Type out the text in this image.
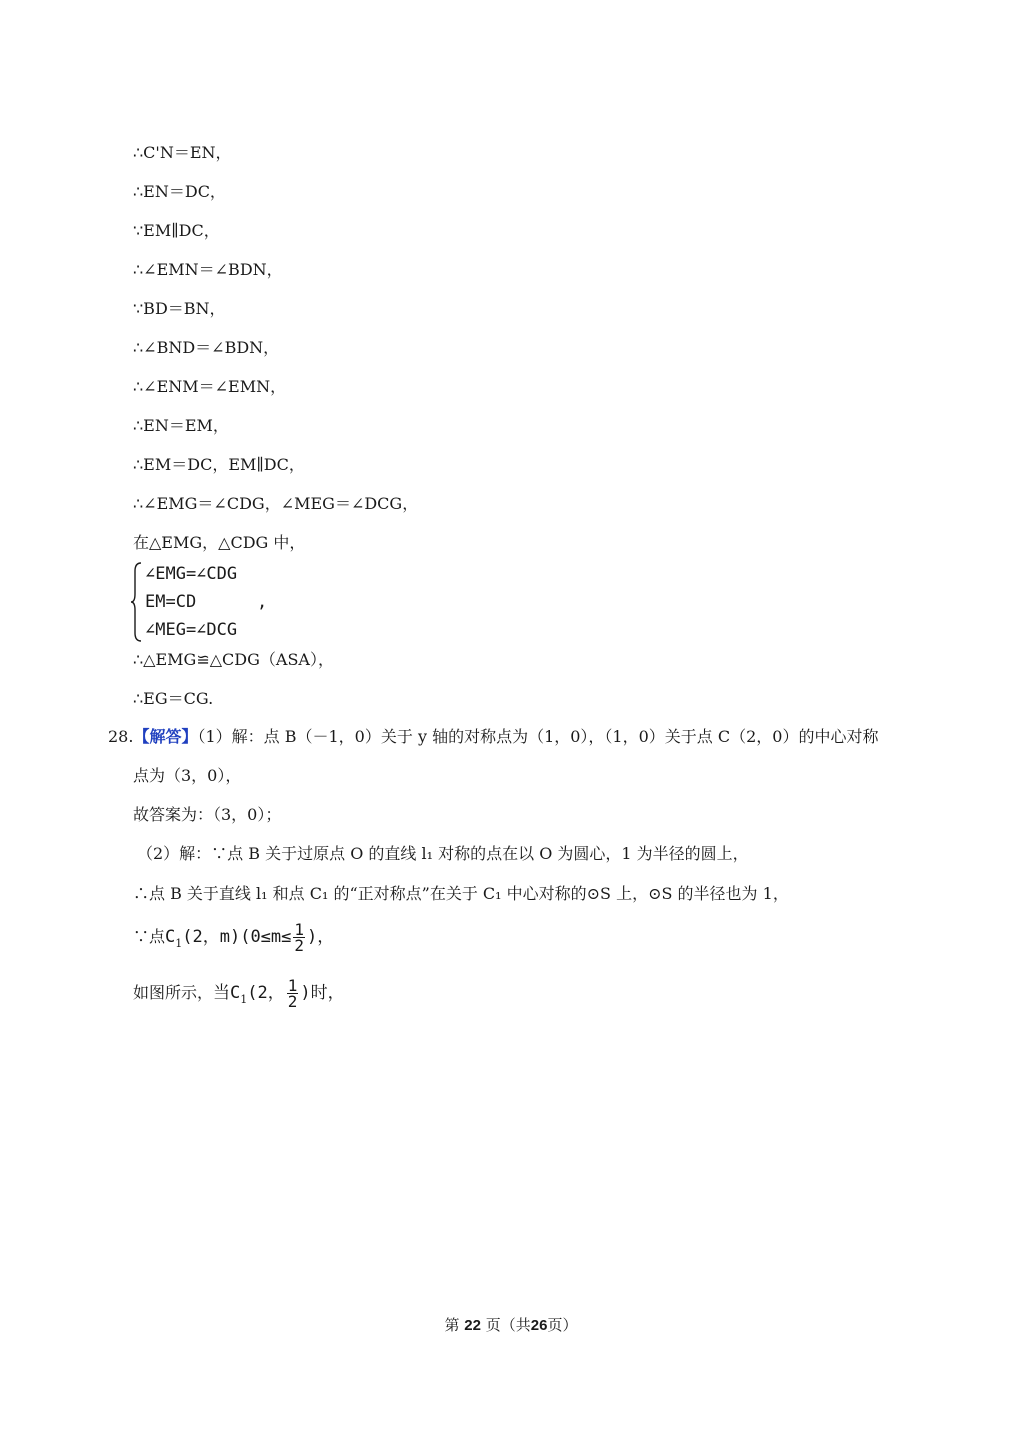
∴C'N＝EN，
∴EN＝DC，
∵EM∥DC，
∴∠EMN＝∠BDN，
∵BD＝BN，
∴∠BND＝∠BDN，
∴∠ENM＝∠EMN，
∴EN＝EM，
∴EM＝DC，EM∥DC，
∴∠EMG＝∠CDG，∠MEG＝∠DCG，
在△EMG，△CDG 中，
∠EMG=∠CDG
EM=CD	,
∠MEG=∠DCG
∴△EMG≌△CDG（ASA），
∴EG＝CG.
28.【解答】（1）解：点 B（－1，0）关于 y 轴的对称点为（1，0），（1，0）关于点 C（2，0）的中心对称
点为（3，0），
故答案为：（3，0）；
（2）解：∵点 B 关于过原点 O 的直线 l₁ 对称的点在以 O 为圆心，1 为半径的圆上，
∴点 B 关于直线 l₁ 和点 C₁ 的“正对称点”在关于 C₁ 中心对称的⊙S 上，⊙S 的半径也为 1，
∵点$C_1(2$，$m)(0\le m\le \frac{1}{2}$ )，
如图所示，当$C_1(2$， $\frac{1}{2}$ )时，
第 22 页（共26页）
